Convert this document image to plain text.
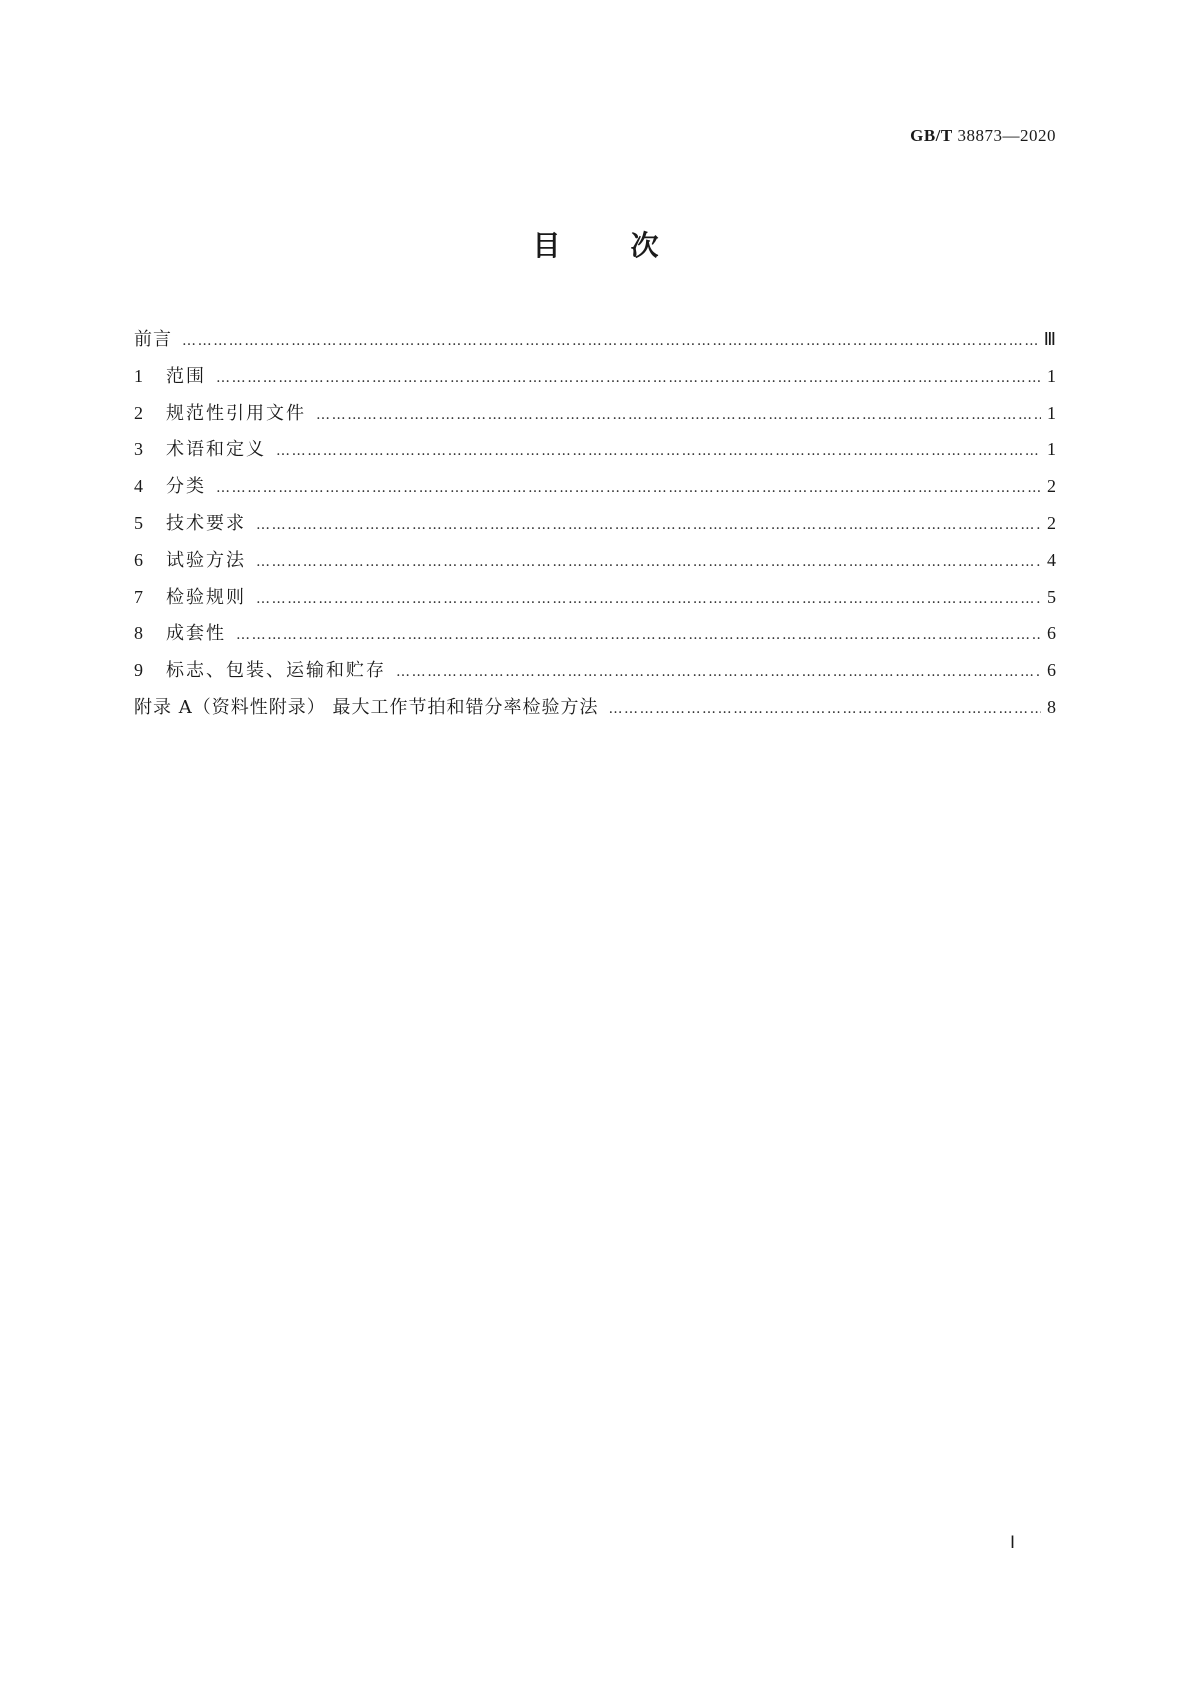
GB/T 38873—2020
目	次
前言 ………………………………………………………………………………………………………………………………………………………………………………………………………………	Ⅲ
1	范围 ………………………………………………………………………………………………………………………………………………………………………………………………………………	1
2	规范性引用文件 ………………………………………………………………………………………………………………………………………………………………………………………………………………	1
3	术语和定义 ………………………………………………………………………………………………………………………………………………………………………………………………………………	1
4	分类 ………………………………………………………………………………………………………………………………………………………………………………………………………………	2
5	技术要求 ………………………………………………………………………………………………………………………………………………………………………………………………………………	2
6	试验方法 ………………………………………………………………………………………………………………………………………………………………………………………………………………	4
7	检验规则 ………………………………………………………………………………………………………………………………………………………………………………………………………………	5
8	成套性 ………………………………………………………………………………………………………………………………………………………………………………………………………………	6
9	标志、包装、运输和贮存 ………………………………………………………………………………………………………………………………………………………………………………………………………………	6
附录 A（资料性附录） 最大工作节拍和错分率检验方法 ………………………………………………………………………………………………………………………………………………………………………………………………………………	8
Ⅰ
